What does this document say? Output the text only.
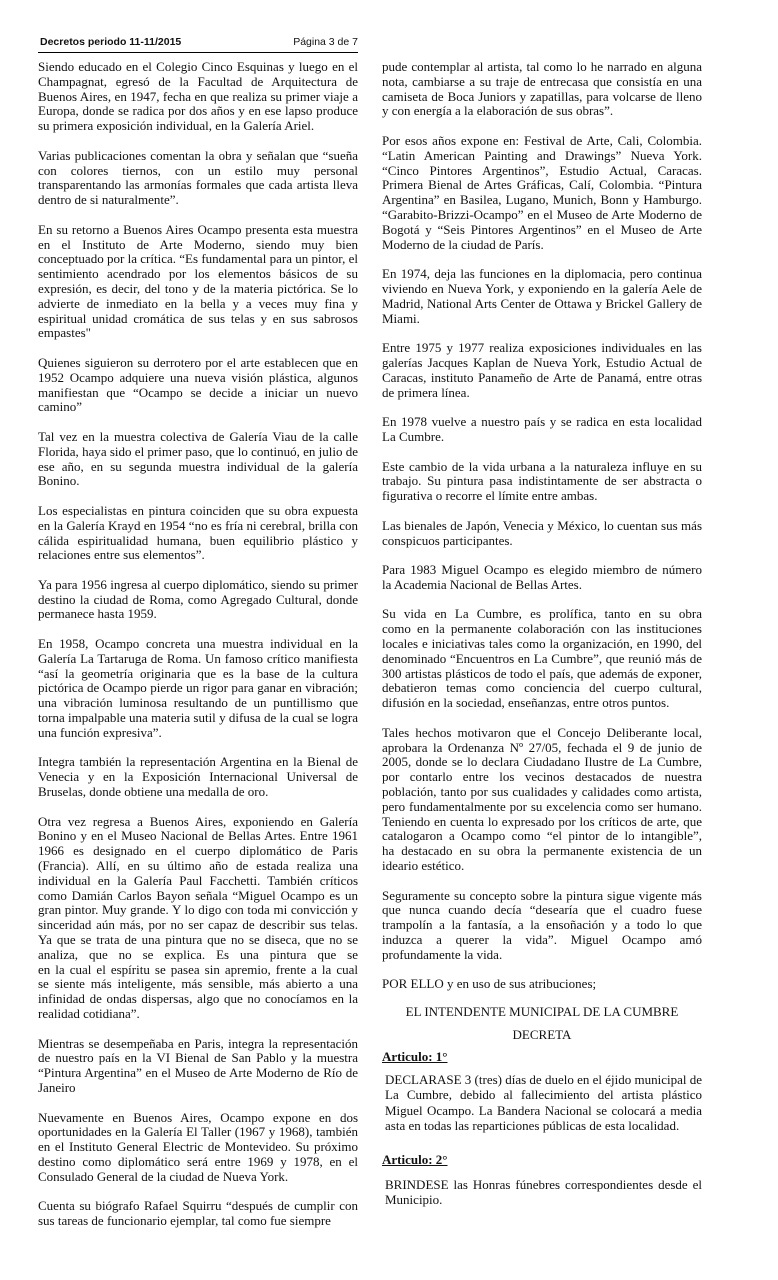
Decretos periodo 11-11/2015	Página 3 de 7
Siendo educado en el Colegio Cinco Esquinas y luego en el
Champagnat, egresó de la Facultad de Arquitectura de
Buenos Aires, en 1947, fecha en que realiza su primer viaje a
Europa, donde se radica por dos años y en ese lapso produce
su primera exposición individual, en la Galería Ariel.
Varias publicaciones comentan la obra y señalan que “sueña
con colores tiernos, con un estilo muy personal
transparentando las armonías formales que cada artista lleva
dentro de si naturalmente”.
En su retorno a Buenos Aires Ocampo presenta esta muestra
en el Instituto de Arte Moderno, siendo muy bien
conceptuado por la crítica. “Es fundamental para un pintor, el
sentimiento acendrado por los elementos básicos de su
expresión, es decir, del tono y de la materia pictórica. Se lo
advierte de inmediato en la bella y a veces muy fina y
espiritual unidad cromática de sus telas y en sus sabrosos
empastes"
Quienes siguieron su derrotero por el arte establecen que en
1952 Ocampo adquiere una nueva visión plástica, algunos
manifiestan que “Ocampo se decide a iniciar un nuevo
camino”
Tal vez en la muestra colectiva de Galería Viau de la calle
Florida, haya sido el primer paso, que lo continuó, en julio de
ese año, en su segunda muestra individual de la galería
Bonino.
Los especialistas en pintura coinciden que su obra expuesta
en la Galería Krayd en 1954 “no es fría ni cerebral, brilla con
cálida espiritualidad humana, buen equilibrio plástico y
relaciones entre sus elementos”.
Ya para 1956 ingresa al cuerpo diplomático, siendo su primer
destino la ciudad de Roma, como Agregado Cultural, donde
permanece hasta 1959.
En 1958, Ocampo concreta una muestra individual en la
Galería La Tartaruga de Roma. Un famoso crítico manifiesta
“así la geometría originaria que es la base de la cultura
pictórica de Ocampo pierde un rigor para ganar en vibración;
una vibración luminosa resultando de un puntillismo que
torna impalpable una materia sutil y difusa de la cual se logra
una función expresiva”.
Integra también la representación Argentina en la Bienal de
Venecia y en la Exposición Internacional Universal de
Bruselas, donde obtiene una medalla de oro.
Otra vez regresa a Buenos Aires, exponiendo en Galería
Bonino y en el Museo Nacional de Bellas Artes. Entre 1961
1966 es designado en el cuerpo diplomático de Paris
(Francia). Allí, en su último año de estada realiza una
individual en la Galería Paul Facchetti. También críticos
como Damián Carlos Bayon señala “Miguel Ocampo es un
gran pintor. Muy grande. Y lo digo con toda mi convicción y
sinceridad aún más, por no ser capaz de describir sus telas.
Ya que se trata de una pintura que no se diseca, que no se
analiza, que no se explica. Es una pintura que se
en la cual el espíritu se pasea sin apremio, frente a la cual
se siente más inteligente, más sensible, más abierto a una
infinidad de ondas dispersas, algo que no conocíamos en la
realidad cotidiana”.
Mientras se desempeñaba en Paris, integra la representación
de nuestro país en la VI Bienal de San Pablo y la muestra
“Pintura Argentina” en el Museo de Arte Moderno de Río de
Janeiro
Nuevamente en Buenos Aires, Ocampo expone en dos
oportunidades en la Galería El Taller (1967 y 1968), también
en el Instituto General Electric de Montevideo. Su próximo
destino como diplomático será entre 1969 y 1978, en el
Consulado General de la ciudad de Nueva York.
Cuenta su biógrafo Rafael Squirru “después de cumplir con
sus tareas de funcionario ejemplar, tal como fue siempre
pude contemplar al artista, tal como lo he narrado en alguna
nota, cambiarse a su traje de entrecasa que consistía en una
camiseta de Boca Juniors y zapatillas, para volcarse de lleno
y con energía a la elaboración de sus obras”.
Por esos años expone en: Festival de Arte, Cali, Colombia.
“Latin American Painting and Drawings” Nueva York.
“Cinco Pintores Argentinos”, Estudio Actual, Caracas.
Primera Bienal de Artes Gráficas, Calí, Colombia. “Pintura
Argentina” en Basilea, Lugano, Munich, Bonn y Hamburgo.
“Garabito-Brizzi-Ocampo” en el Museo de Arte Moderno de
Bogotá y “Seis Pintores Argentinos” en el Museo de Arte
Moderno de la ciudad de París.
En 1974, deja las funciones en la diplomacia, pero continua
viviendo en Nueva York, y exponiendo en la galería Aele de
Madrid, National Arts Center de Ottawa y Brickel Gallery de
Miami.
Entre 1975 y 1977 realiza exposiciones individuales en las
galerías Jacques Kaplan de Nueva York, Estudio Actual de
Caracas, instituto Panameño de Arte de Panamá, entre otras
de primera línea.
En 1978 vuelve a nuestro país y se radica en esta localidad
La Cumbre.
Este cambio de la vida urbana a la naturaleza influye en su
trabajo. Su pintura pasa indistintamente de ser abstracta o
figurativa o recorre el límite entre ambas.
Las bienales de Japón, Venecia y México, lo cuentan sus más
conspicuos participantes.
Para 1983 Miguel Ocampo es elegido miembro de número
la Academia Nacional de Bellas Artes.
Su vida en La Cumbre, es prolífica, tanto en su obra
como en la permanente colaboración con las instituciones
locales e iniciativas tales como la organización, en 1990, del
denominado “Encuentros en La Cumbre”, que reunió más de
300 artistas plásticos de todo el país, que además de exponer,
debatieron temas como conciencia del cuerpo cultural,
difusión en la sociedad, enseñanzas, entre otros puntos.
Tales hechos motivaron que el Concejo Deliberante local,
aprobara la Ordenanza Nº 27/05, fechada el 9 de junio de
2005, donde se lo declara Ciudadano Ilustre de La Cumbre,
por contarlo entre los vecinos destacados de nuestra
población, tanto por sus cualidades y calidades como artista,
pero fundamentalmente por su excelencia como ser humano.
Teniendo en cuenta lo expresado por los críticos de arte, que
catalogaron a Ocampo como “el pintor de lo intangible”,
ha destacado en su obra la permanente existencia de un
ideario estético.
Seguramente su concepto sobre la pintura sigue vigente más
que nunca cuando decía “desearía que el cuadro fuese
trampolín a la fantasía, a la ensoñación y a todo lo que
induzca a querer la vida”. Miguel Ocampo amó
profundamente la vida.
POR ELLO y en uso de sus atribuciones;
EL INTENDENTE MUNICIPAL DE LA CUMBRE
DECRETA
Articulo: 1°
DECLARASE 3 (tres) días de duelo en el éjido municipal de
La Cumbre, debido al fallecimiento del artista plástico
Miguel Ocampo. La Bandera Nacional se colocará a media
asta en todas las reparticiones públicas de esta localidad.
Articulo: 2°
BRINDESE las Honras fúnebres correspondientes desde el
Municipio.
